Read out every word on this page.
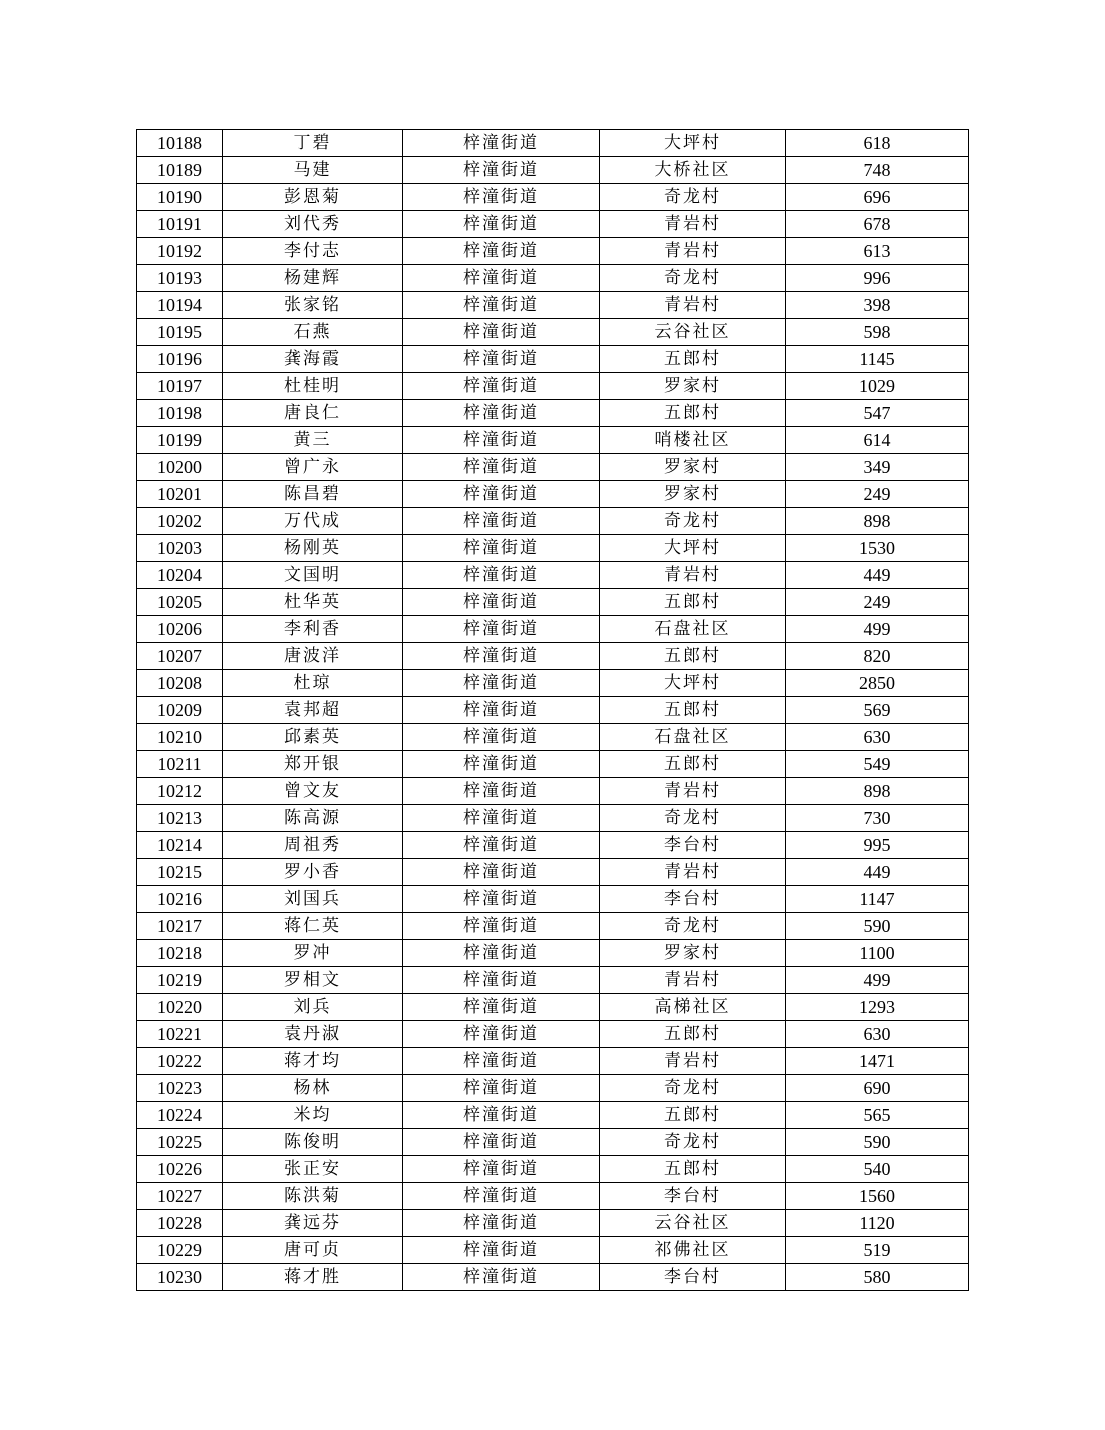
10188	丁碧	梓潼街道	大坪村	618
10189	马建	梓潼街道	大桥社区	748
10190	彭恩菊	梓潼街道	奇龙村	696
10191	刘代秀	梓潼街道	青岩村	678
10192	李付志	梓潼街道	青岩村	613
10193	杨建辉	梓潼街道	奇龙村	996
10194	张家铭	梓潼街道	青岩村	398
10195	石燕	梓潼街道	云谷社区	598
10196	龚海霞	梓潼街道	五郎村	1145
10197	杜桂明	梓潼街道	罗家村	1029
10198	唐良仁	梓潼街道	五郎村	547
10199	黄三	梓潼街道	哨楼社区	614
10200	曾广永	梓潼街道	罗家村	349
10201	陈昌碧	梓潼街道	罗家村	249
10202	万代成	梓潼街道	奇龙村	898
10203	杨刚英	梓潼街道	大坪村	1530
10204	文国明	梓潼街道	青岩村	449
10205	杜华英	梓潼街道	五郎村	249
10206	李利香	梓潼街道	石盘社区	499
10207	唐波洋	梓潼街道	五郎村	820
10208	杜琼	梓潼街道	大坪村	2850
10209	袁邦超	梓潼街道	五郎村	569
10210	邱素英	梓潼街道	石盘社区	630
10211	郑开银	梓潼街道	五郎村	549
10212	曾文友	梓潼街道	青岩村	898
10213	陈高源	梓潼街道	奇龙村	730
10214	周祖秀	梓潼街道	李台村	995
10215	罗小香	梓潼街道	青岩村	449
10216	刘国兵	梓潼街道	李台村	1147
10217	蒋仁英	梓潼街道	奇龙村	590
10218	罗冲	梓潼街道	罗家村	1100
10219	罗相文	梓潼街道	青岩村	499
10220	刘兵	梓潼街道	高梯社区	1293
10221	袁丹淑	梓潼街道	五郎村	630
10222	蒋才均	梓潼街道	青岩村	1471
10223	杨林	梓潼街道	奇龙村	690
10224	米均	梓潼街道	五郎村	565
10225	陈俊明	梓潼街道	奇龙村	590
10226	张正安	梓潼街道	五郎村	540
10227	陈洪菊	梓潼街道	李台村	1560
10228	龚远芬	梓潼街道	云谷社区	1120
10229	唐可贞	梓潼街道	祁佛社区	519
10230	蒋才胜	梓潼街道	李台村	580
